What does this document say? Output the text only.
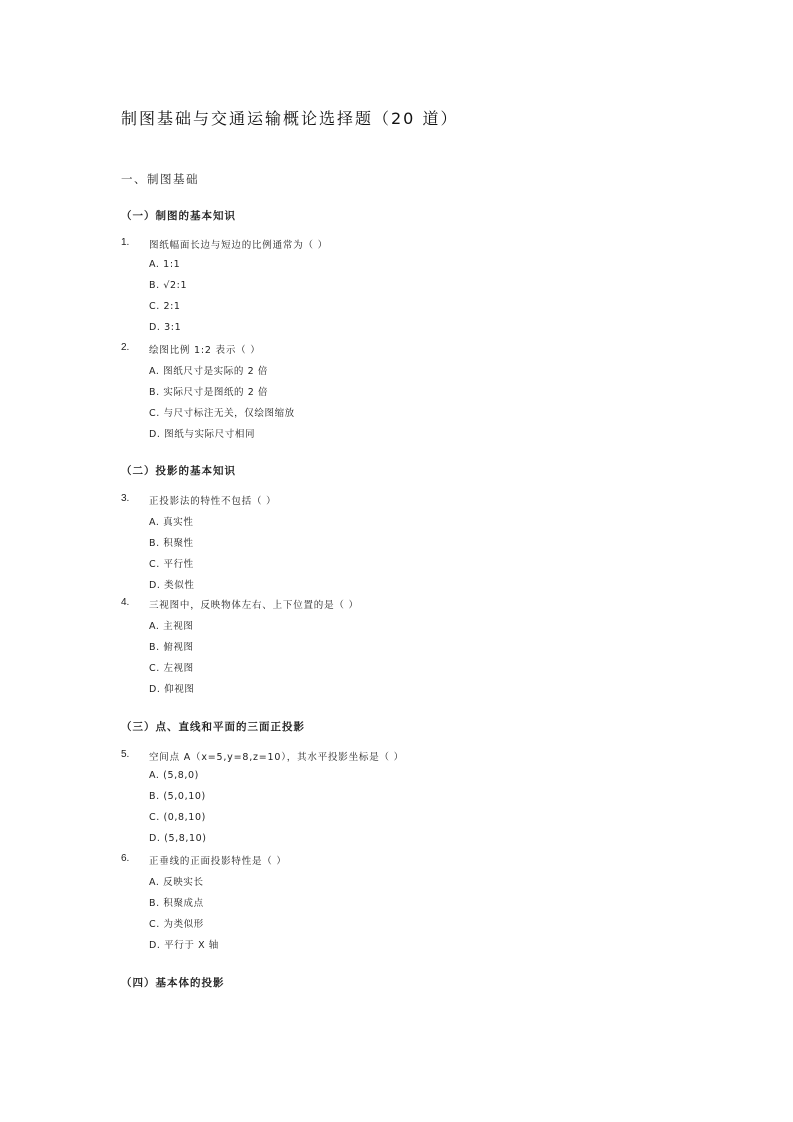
制图基础与交通运输概论选择题（20 道）
一、制图基础
（一）制图的基本知识
1. 图纸幅面长边与短边的比例通常为（ ）
A. 1:1
B. √2:1
C. 2:1
D. 3:1
2. 绘图比例 1:2 表示（ ）
A. 图纸尺寸是实际的 2 倍
B. 实际尺寸是图纸的 2 倍
C. 与尺寸标注无关，仅绘图缩放
D. 图纸与实际尺寸相同
（二）投影的基本知识
3. 正投影法的特性不包括（ ）
A. 真实性
B. 积聚性
C. 平行性
D. 类似性
4. 三视图中，反映物体左右、上下位置的是（ ）
A. 主视图
B. 俯视图
C. 左视图
D. 仰视图
（三）点、直线和平面的三面正投影
5. 空间点 A（x=5,y=8,z=10），其水平投影坐标是（ ）
A. (5,8,0)
B. (5,0,10)
C. (0,8,10)
D. (5,8,10)
6. 正垂线的正面投影特性是（ ）
A. 反映实长
B. 积聚成点
C. 为类似形
D. 平行于 X 轴
（四）基本体的投影
